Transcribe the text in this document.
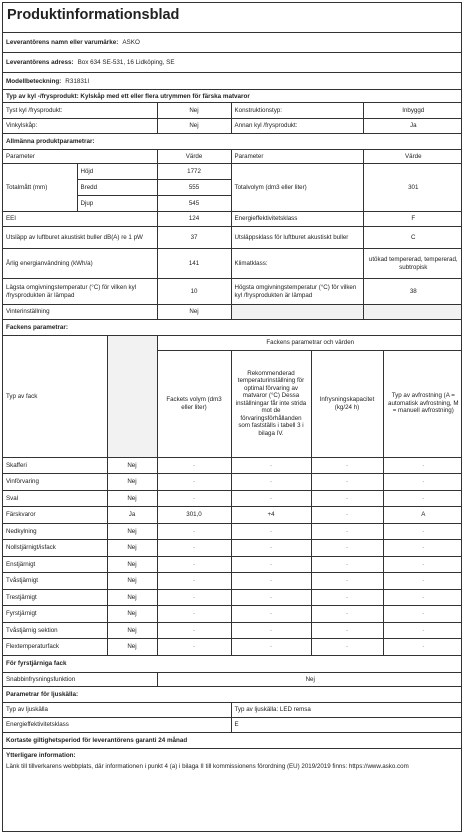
Produktinformationsblad
Leverantörens namn eller varumärke: ASKO
Leverantörens adress: Box 634 SE-531, 16 Lidköping, SE
Modellbeteckning: R31831I
Typ av kyl -/frysprodukt: Kylskåp med ett eller flera utrymmen för färska matvaror
Tyst kyl /frysprodukt:	Nej	Konstruktionstyp:	Inbyggd
Vinkylskåp:	Nej	Annan kyl /frysprodukt:	Ja
Allmänna produktparametrar:
Parameter		Värde	Parameter	Värde
Totalmått (mm)	Höjd	1772	Totalvolym (dm3 eller liter)	301
	Bredd	555		
	Djup	545		
EEI		124	Energieffektivitetsklass	F
Utsläpp av luftburet akustiskt buller dB(A) re 1 pW		37	Utsläppsklass för luftburet akustiskt buller	C
Årlig energianvändning (kWh/a)		141	Klimatklass:	utökad tempererad, tempererad, subtropisk
Lägsta omgivningstemperatur (°C) för vilken kyl /frysprodukten är lämpad		10	Högsta omgivningstemperatur (°C) för vilken kyl /frysprodukten är lämpad	38
Vinterinställning		Nej		
Fackens parametrar:
Typ av fack		Fackens parametrar och värden			
		Fackets volym (dm3 eller liter)	Rekommenderad temperaturinställning för optimal förvaring av matvaror (°C) Dessa inställningar får inte strida mot de förvaringsförhållanden som fastställs i tabell 3 i bilaga IV.	Infrysningskapacitet (kg/24 h)	Typ av avfrostning (A = automatisk avfrostning, M = manuell avfrostning)
Skafferi	Nej	-	-	-	-
Vinförvaring	Nej	-	-	-	-
Sval	Nej	-	-	-	-
Färskvaror	Ja	301,0	+4	-	A
Nedkylning	Nej	-	-	-	-
Nollstjärnigt/isfack	Nej	-	-	-	-
Enstjärnigt	Nej	-	-	-	-
Tvåstjärnigt	Nej	-	-	-	-
Trestjärnigt	Nej	-	-	-	-
Fyrstjärnigt	Nej	-	-	-	-
Tvåstjärnig sektion	Nej	-	-	-	-
Flextemperaturfack	Nej	-	-	-	-
För fyrstjärniga fack
Snabbinfrysningsfunktion	Nej
Parametrar för ljuskälla:
Typ av ljuskälla	Typ av ljuskälla: LED remsa
Energieffektivitetsklass	E
Kortaste giltighetsperiod för leverantörens garanti 24 månad
Ytterligare information:
Länk till tillverkarens webbplats, där informationen i punkt 4 (a) i bilaga II till kommissionens förordning (EU) 2019/2019 finns: https://www.asko.com
